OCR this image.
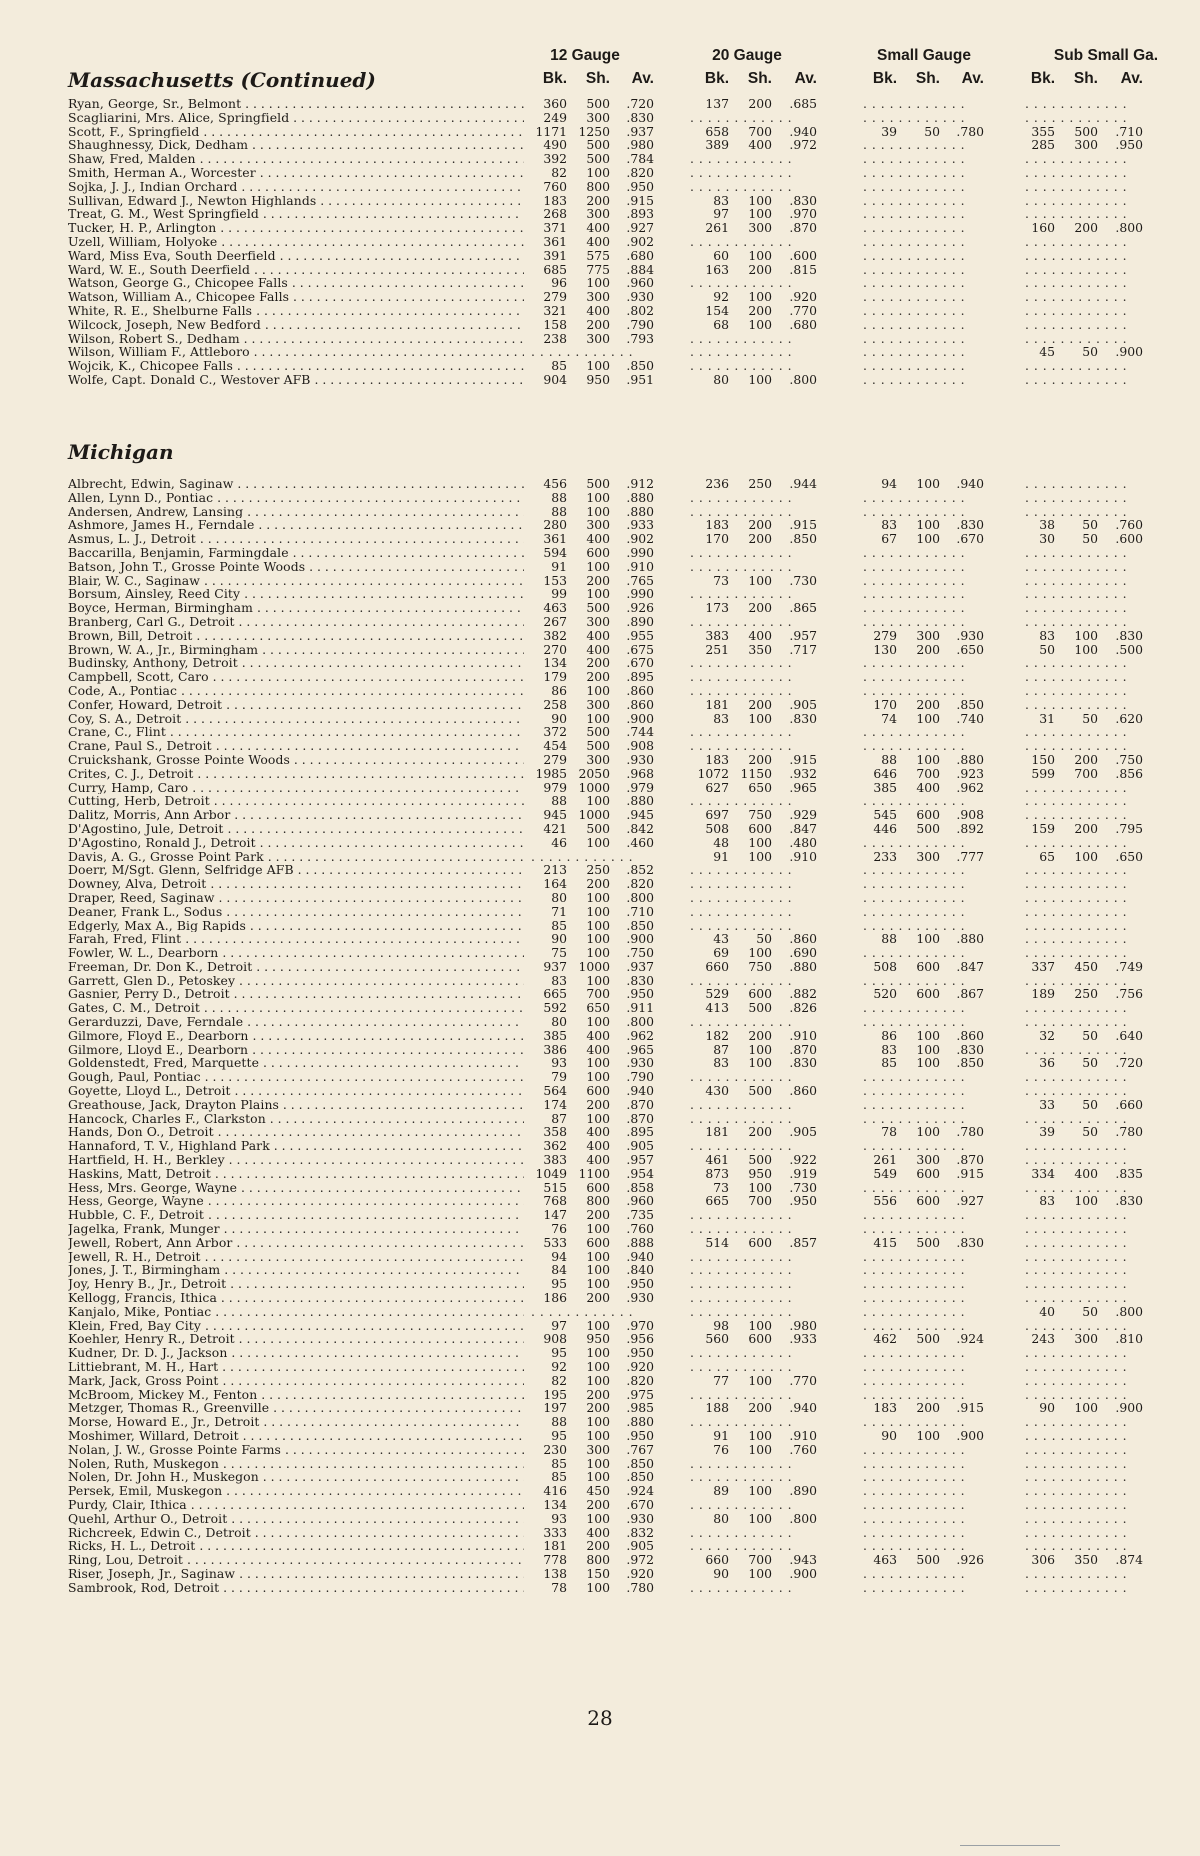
12 Gauge	20 Gauge	Small Gauge	Sub Small Ga.
Bk.	Sh.	Av.	Bk.	Sh.	Av.	Bk.	Sh.	Av.	Bk.	Sh.	Av.
Massachusetts (Continued)
Ryan, George, Sr., Belmont . . .	360	500	.720	137	200	.685	. . . . . . . . . . . .	. . . . . . . . . . . .
Scagliarini, Mrs. Alice, Springfield . . .	249	300	.830	. . . . . . . . . . . .	. . . . . . . . . . . .	. . . . . . . . . . . .
Scott, F., Springfield . . .	1171 1250	.937	658	700	.940	39	50	.780	355	500	.710
Shaughnessy, Dick, Dedham . . .	490	500	.980	389	400	.972	. . . . . . . . . . . .	285	300	.950
Shaw, Fred, Malden . . .	392	500	.784	. . . . . . . . . . . .	. . . . . . . . . . . .	. . . . . . . . . . . .
Smith, Herman A., Worcester . . .	82	100	.820	. . . . . . . . . . . .	. . . . . . . . . . . .	. . . . . . . . . . . .
Sojka, J. J., Indian Orchard . . .	760	800	.950	. . . . . . . . . . . .	. . . . . . . . . . . .	. . . . . . . . . . . .
Sullivan, Edward J., Newton Highlands . . .	183	200	.915	83	100	.830	. . . . . . . . . . . .	. . . . . . . . . . . .
Treat, G. M., West Springfield . . .	268	300	.893	97	100	.970	. . . . . . . . . . . .	. . . . . . . . . . . .
Tucker, H. P., Arlington . . .	371	400	.927	261	300	.870	. . . . . . . . . . . .	160	200	.800
Uzell, William, Holyoke . . .	361	400	.902	. . . . . . . . . . . .	. . . . . . . . . . . .	. . . . . . . . . . . .
Ward, Miss Eva, South Deerfield . . .	391	575	.680	60	100	.600	. . . . . . . . . . . .	. . . . . . . . . . . .
Ward, W. E., South Deerfield . . .	685	775	.884	163	200	.815	. . . . . . . . . . . .	. . . . . . . . . . . .
Watson, George G., Chicopee Falls . . .	96	100	.960	. . . . . . . . . . . .	. . . . . . . . . . . .	. . . . . . . . . . . .
Watson, William A., Chicopee Falls . . .	279	300	.930	92	100	.920	. . . . . . . . . . . .	. . . . . . . . . . . .
White, R. E., Shelburne Falls . . .	321	400	.802	154	200	.770	. . . . . . . . . . . .	. . . . . . . . . . . .
Wilcock, Joseph, New Bedford . . .	158	200	.790	68	100	.680	. . . . . . . . . . . .	. . . . . . . . . . . .
Wilson, Robert S., Dedham . . .	238	300	.793	. . . . . . . . . . . .	. . . . . . . . . . . .	. . . . . . . . . . . .
Wilson, William F., Attleboro . . .	. . . . . . . . . . . .	. . . . . . . . . . . .	. . . . . . . . . . . .	45	50	.900
Wojcik, K., Chicopee Falls . . .	85	100	.850	. . . . . . . . . . . .	. . . . . . . . . . . .	. . . . . . . . . . . .
Wolfe, Capt. Donald C., Westover AFB . . .	904	950	.951	80	100	.800	. . . . . . . . . . . .	. . . . . . . . . . . .
Michigan
Albrecht, Edwin, Saginaw . . .	456	500	.912	236	250	.944	94	100	.940	. . . . . . . . . . . .
Allen, Lynn D., Pontiac . . .	88	100	.880	. . . . . . . . . . . .	. . . . . . . . . . . .	. . . . . . . . . . . .
Andersen, Andrew, Lansing . . .	88	100	.880	. . . . . . . . . . . .	. . . . . . . . . . . .	. . . . . . . . . . . .
Ashmore, James H., Ferndale . . .	280	300	.933	183	200	.915	83	100	.830	38	50	.760
Asmus, L. J., Detroit . . .	361	400	.902	170	200	.850	67	100	.670	30	50	.600
Baccarilla, Benjamin, Farmingdale . . .	594	600	.990	. . . . . . . . . . . .	. . . . . . . . . . . .	. . . . . . . . . . . .
Batson, John T., Grosse Pointe Woods . . .	91	100	.910	. . . . . . . . . . . .	. . . . . . . . . . . .	. . . . . . . . . . . .
Blair, W. C., Saginaw . . .	153	200	.765	73	100	.730	. . . . . . . . . . . .	. . . . . . . . . . . .
Borsum, Ainsley, Reed City . . .	99	100	.990	. . . . . . . . . . . .	. . . . . . . . . . . .	. . . . . . . . . . . .
Boyce, Herman, Birmingham . . .	463	500	.926	173	200	.865	. . . . . . . . . . . .	. . . . . . . . . . . .
Branberg, Carl G., Detroit . . .	267	300	.890	. . . . . . . . . . . .	. . . . . . . . . . . .	. . . . . . . . . . . .
Brown, Bill, Detroit . . .	382	400	.955	383	400	.957	279	300	.930	83	100	.830
Brown, W. A., Jr., Birmingham . . .	270	400	.675	251	350	.717	130	200	.650	50	100	.500
Budinsky, Anthony, Detroit . . .	134	200	.670	. . . . . . . . . . . .	. . . . . . . . . . . .	. . . . . . . . . . . .
Campbell, Scott, Caro . . .	179	200	.895	. . . . . . . . . . . .	. . . . . . . . . . . .	. . . . . . . . . . . .
Code, A., Pontiac . . .	86	100	.860	. . . . . . . . . . . .	. . . . . . . . . . . .	. . . . . . . . . . . .
Confer, Howard, Detroit . . .	258	300	.860	181	200	.905	170	200	.850	. . . . . . . . . . . .
Coy, S. A., Detroit . . .	90	100	.900	83	100	.830	74	100	.740	31	50	.620
Crane, C., Flint . . .	372	500	.744	. . . . . . . . . . . .	. . . . . . . . . . . .	. . . . . . . . . . . .
Crane, Paul S., Detroit . . .	454	500	.908	. . . . . . . . . . . .	. . . . . . . . . . . .	. . . . . . . . . . . .
Cruickshank, Grosse Pointe Woods . . .	279	300	.930	183	200	.915	88	100	.880	150	200	.750
Crites, C. J., Detroit . . .	1985 2050	.968	1072 1150	.932	646	700	.923	599	700	.856
Curry, Hamp, Caro . . .	979 1000	.979	627	650	.965	385	400	.962	. . . . . . . . . . . .
Cutting, Herb, Detroit . . .	88	100	.880	. . . . . . . . . . . .	. . . . . . . . . . . .	. . . . . . . . . . . .
Dalitz, Morris, Ann Arbor . . .	945 1000	.945	697	750	.929	545	600	.908	. . . . . . . . . . . .
D'Agostino, Jule, Detroit . . .	421	500	.842	508	600	.847	446	500	.892	159	200	.795
D'Agostino, Ronald J., Detroit . . .	46	100	.460	48	100	.480	. . . . . . . . . . . .	. . . . . . . . . . . .
Davis, A. G., Grosse Point Park . . .	. . . . . . . . . . . .	91	100	.910	233	300	.777	65	100	.650
Doerr, M/Sgt. Glenn, Selfridge AFB . . .	213	250	.852	. . . . . . . . . . . .	. . . . . . . . . . . .	. . . . . . . . . . . .
Downey, Alva, Detroit . . .	164	200	.820	. . . . . . . . . . . .	. . . . . . . . . . . .	. . . . . . . . . . . .
Draper, Reed, Saginaw . . .	80	100	.800	. . . . . . . . . . . .	. . . . . . . . . . . .	. . . . . . . . . . . .
Deaner, Frank L., Sodus . . .	71	100	.710	. . . . . . . . . . . .	. . . . . . . . . . . .	. . . . . . . . . . . .
Edgerly, Max A., Big Rapids . . .	85	100	.850	. . . . . . . . . . . .	. . . . . . . . . . . .	. . . . . . . . . . . .
Farah, Fred, Flint . . .	90	100	.900	43	50	.860	88	100	.880	. . . . . . . . . . . .
Fowler, W. L., Dearborn . . .	75	100	.750	69	100	.690	. . . . . . . . . . . .	. . . . . . . . . . . .
Freeman, Dr. Don K., Detroit . . .	937 1000	.937	660	750	.880	508	600	.847	337	450	.749
Garrett, Glen D., Petoskey . . .	83	100	.830	. . . . . . . . . . . .	. . . . . . . . . . . .	. . . . . . . . . . . .
Gasnier, Perry D., Detroit . . .	665	700	.950	529	600	.882	520	600	.867	189	250	.756
Gates, C. M., Detroit . . .	592	650	.911	413	500	.826	. . . . . . . . . . . .	. . . . . . . . . . . .
Gerarduzzi, Dave, Ferndale . . .	80	100	.800	. . . . . . . . . . . .	. . . . . . . . . . . .	. . . . . . . . . . . .
Gilmore, Floyd E., Dearborn . . .	385	400	.962	182	200	.910	86	100	.860	32	50	.640
Gilmore, Lloyd E., Dearborn . . .	386	400	.965	87	100	.870	83	100	.830	. . . . . . . . . . . .
Goldenstedt, Fred, Marquette . . .	93	100	.930	83	100	.830	85	100	.850	36	50	.720
Gough, Paul, Pontiac . . .	79	100	.790	. . . . . . . . . . . .	. . . . . . . . . . . .	. . . . . . . . . . . .
Goyette, Lloyd L., Detroit . . .	564	600	.940	430	500	.860	. . . . . . . . . . . .	. . . . . . . . . . . .
Greathouse, Jack, Drayton Plains . . .	174	200	.870	. . . . . . . . . . . .	. . . . . . . . . . . .	33	50	.660
Hancock, Charles F., Clarkston . . .	87	100	.870	. . . . . . . . . . . .	. . . . . . . . . . . .	. . . . . . . . . . . .
Hands, Don O., Detroit . . .	358	400	.895	181	200	.905	78	100	.780	39	50	.780
Hannaford, T. V., Highland Park . . .	362	400	.905	. . . . . . . . . . . .	. . . . . . . . . . . .	. . . . . . . . . . . .
Hartfield, H. H., Berkley . . .	383	400	.957	461	500	.922	261	300	.870	. . . . . . . . . . . .
Haskins, Matt, Detroit . . .	1049 1100	.954	873	950	.919	549	600	.915	334	400	.835
Hess, Mrs. George, Wayne . . .	515	600	.858	73	100	.730	. . . . . . . . . . . .	. . . . . . . . . . . .
Hess, George, Wayne . . .	768	800	.960	665	700	.950	556	600	.927	83	100	.830
Hubble, C. F., Detroit . . .	147	200	.735	. . . . . . . . . . . .	. . . . . . . . . . . .	. . . . . . . . . . . .
Jagelka, Frank, Munger . . .	76	100	.760	. . . . . . . . . . . .	. . . . . . . . . . . .	. . . . . . . . . . . .
Jewell, Robert, Ann Arbor . . .	533	600	.888	514	600	.857	415	500	.830	. . . . . . . . . . . .
Jewell, R. H., Detroit . . .	94	100	.940	. . . . . . . . . . . .	. . . . . . . . . . . .	. . . . . . . . . . . .
Jones, J. T., Birmingham . . .	84	100	.840	. . . . . . . . . . . .	. . . . . . . . . . . .	. . . . . . . . . . . .
Joy, Henry B., Jr., Detroit . . .	95	100	.950	. . . . . . . . . . . .	. . . . . . . . . . . .	. . . . . . . . . . . .
Kellogg, Francis, Ithica . . .	186	200	.930	. . . . . . . . . . . .	. . . . . . . . . . . .	. . . . . . . . . . . .
Kanjalo, Mike, Pontiac . . .	. . . . . . . . . . . .	. . . . . . . . . . . .	. . . . . . . . . . . .	40	50	.800
Klein, Fred, Bay City . . .	97	100	.970	98	100	.980	. . . . . . . . . . . .	. . . . . . . . . . . .
Koehler, Henry R., Detroit . . .	908	950	.956	560	600	.933	462	500	.924	243	300	.810
Kudner, Dr. D. J., Jackson . . .	95	100	.950	. . . . . . . . . . . .	. . . . . . . . . . . .	. . . . . . . . . . . .
Littiebrant, M. H., Hart . . .	92	100	.920	. . . . . . . . . . . .	. . . . . . . . . . . .	. . . . . . . . . . . .
Mark, Jack, Gross Point . . .	82	100	.820	77	100	.770	. . . . . . . . . . . .	. . . . . . . . . . . .
McBroom, Mickey M., Fenton . . .	195	200	.975	. . . . . . . . . . . .	. . . . . . . . . . . .	. . . . . . . . . . . .
Metzger, Thomas R., Greenville . . .	197	200	.985	188	200	.940	183	200	.915	90	100	.900
Morse, Howard E., Jr., Detroit . . .	88	100	.880	. . . . . . . . . . . .	. . . . . . . . . . . .	. . . . . . . . . . . .
Moshimer, Willard, Detroit . . .	95	100	.950	91	100	.910	90	100	.900	. . . . . . . . . . . .
Nolan, J. W., Grosse Pointe Farms . . .	230	300	.767	76	100	.760	. . . . . . . . . . . .	. . . . . . . . . . . .
Nolen, Ruth, Muskegon . . .	85	100	.850	. . . . . . . . . . . .	. . . . . . . . . . . .	. . . . . . . . . . . .
Nolen, Dr. John H., Muskegon . . .	85	100	.850	. . . . . . . . . . . .	. . . . . . . . . . . .	. . . . . . . . . . . .
Persek, Emil, Muskegon . . .	416	450	.924	89	100	.890	. . . . . . . . . . . .	. . . . . . . . . . . .
Purdy, Clair, Ithica . . .	134	200	.670	. . . . . . . . . . . .	. . . . . . . . . . . .	. . . . . . . . . . . .
Quehl, Arthur O., Detroit . . .	93	100	.930	80	100	.800	. . . . . . . . . . . .	. . . . . . . . . . . .
Richcreek, Edwin C., Detroit . . .	333	400	.832	. . . . . . . . . . . .	. . . . . . . . . . . .	. . . . . . . . . . . .
Ricks, H. L., Detroit . . .	181	200	.905	. . . . . . . . . . . .	. . . . . . . . . . . .	. . . . . . . . . . . .
Ring, Lou, Detroit . . .	778	800	.972	660	700	.943	463	500	.926	306	350	.874
Riser, Joseph, Jr., Saginaw . . .	138	150	.920	90	100	.900	. . . . . . . . . . . .	. . . . . . . . . . . .
Sambrook, Rod, Detroit . . .	78	100	.780	. . . . . . . . . . . .	. . . . . . . . . . . .	. . . . . . . . . . . .
28
